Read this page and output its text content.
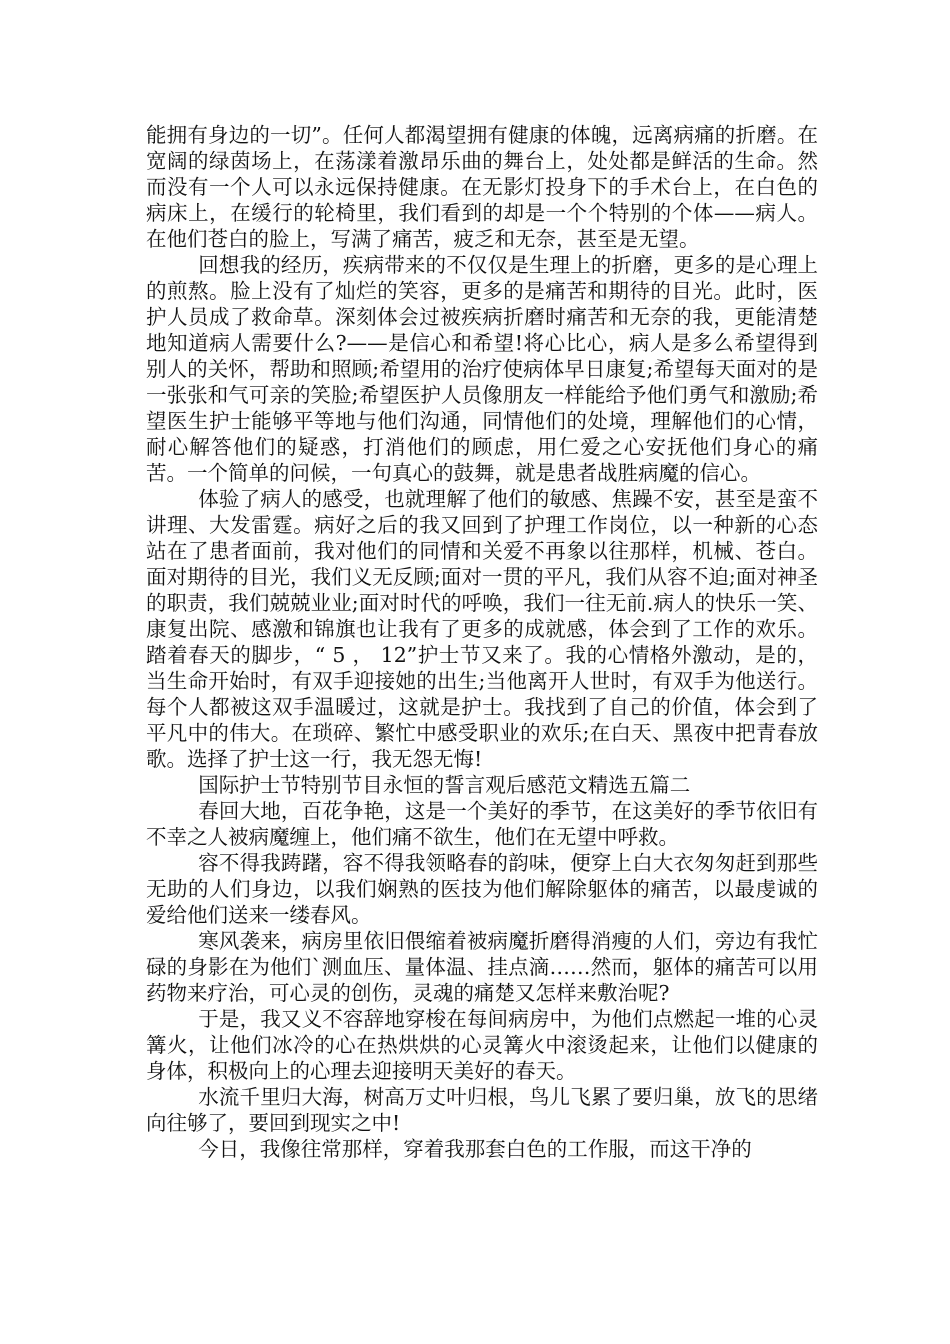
能拥有身边的一切”。任何人都渴望拥有健康的体魄，远离病痛的折磨。在宽阔的绿茵场上，在荡漾着激昂乐曲的舞台上，处处都是鲜活的生命。然而没有一个人可以永远保持健康。在无影灯投身下的手术台上，在白色的病床上，在缓行的轮椅里，我们看到的却是一个个特别的个体——病人。在他们苍白的脸上，写满了痛苦，疲乏和无奈，甚至是无望。

回想我的经历，疾病带来的不仅仅是生理上的折磨，更多的是心理上的煎熬。脸上没有了灿烂的笑容，更多的是痛苦和期待的目光。此时，医护人员成了救命草。深刻体会过被疾病折磨时痛苦和无奈的我，更能清楚地知道病人需要什么?——是信心和希望!将心比心，病人是多么希望得到别人的关怀，帮助和照顾;希望用的治疗使病体早日康复;希望每天面对的是一张张和气可亲的笑脸;希望医护人员像朋友一样能给予他们勇气和激励;希望医生护士能够平等地与他们沟通，同情他们的处境，理解他们的心情，耐心解答他们的疑惑，打消他们的顾虑，用仁爱之心安抚他们身心的痛苦。一个简单的问候，一句真心的鼓舞，就是患者战胜病魔的信心。

体验了病人的感受，也就理解了他们的敏感、焦躁不安，甚至是蛮不讲理、大发雷霆。病好之后的我又回到了护理工作岗位，以一种新的心态站在了患者面前，我对他们的同情和关爱不再象以往那样，机械、苍白。面对期待的目光，我们义无反顾;面对一贯的平凡，我们从容不迫;面对神圣的职责，我们兢兢业业;面对时代的呼唤，我们一往无前.病人的快乐一笑、康复出院、感激和锦旗也让我有了更多的成就感，体会到了工作的欢乐。踏着春天的脚步，“ 5 ， 12”护士节又来了。我的心情格外激动，是的，当生命开始时，有双手迎接她的出生;当他离开人世时，有双手为他送行。每个人都被这双手温暖过，这就是护士。我找到了自己的价值，体会到了平凡中的伟大。在琐碎、繁忙中感受职业的欢乐;在白天、黑夜中把青春放歌。选择了护士这一行，我无怨无悔!

国际护士节特别节目永恒的誓言观后感范文精选五篇二

春回大地，百花争艳，这是一个美好的季节，在这美好的季节依旧有不幸之人被病魔缠上，他们痛不欲生，他们在无望中呼救。

容不得我踌躇，容不得我领略春的韵味，便穿上白大衣匆匆赶到那些无助的人们身边，以我们娴熟的医技为他们解除躯体的痛苦，以最虔诚的爱给他们送来一缕春风。

寒风袭来，病房里依旧偎缩着被病魔折磨得消瘦的人们，旁边有我忙碌的身影在为他们`测血压、量体温、挂点滴……然而，躯体的痛苦可以用药物来疗治，可心灵的创伤，灵魂的痛楚又怎样来敷治呢?

于是，我又义不容辞地穿梭在每间病房中，为他们点燃起一堆的心灵篝火，让他们冰冷的心在热烘烘的心灵篝火中滚烫起来，让他们以健康的身体，积极向上的心理去迎接明天美好的春天。

水流千里归大海，树高万丈叶归根，鸟儿飞累了要归巢，放飞的思绪向往够了，要回到现实之中!

今日，我像往常那样，穿着我那套白色的工作服，而这干净的
